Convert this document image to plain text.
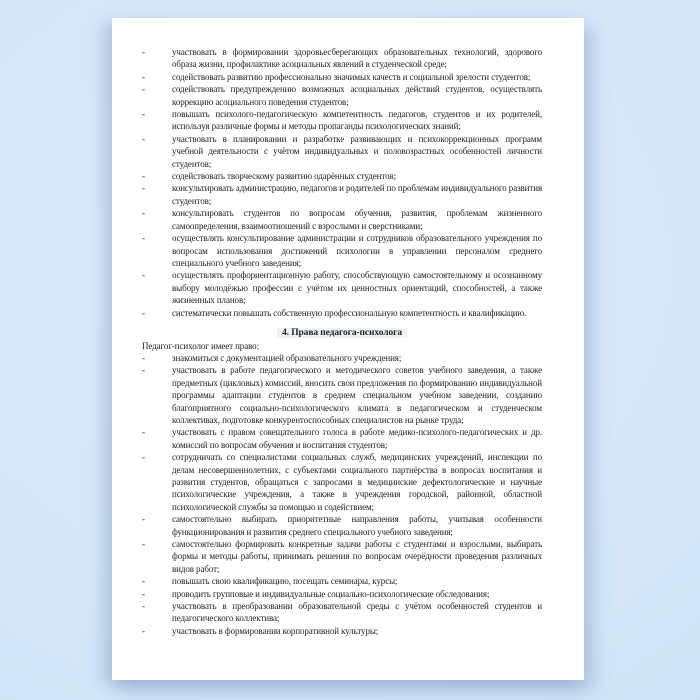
-	участвовать в формировании здоровьесберегающих образовательных технологий, здорового образа жизни, профилактике асоциальных явлений в студенческой среде;
-	содействовать развитию профессионально значимых качеств и социальной зрелости студентов;
-	содействовать предупреждению возможных асоциальных действий студентов, осуществлять коррекцию асоциального поведения студентов;
-	повышать психолого-педагогическую компетентность педагогов, студентов и их родителей, используя различные формы и методы пропаганды психологических знаний;
-	участвовать в планировании и разработке развивающих и психокоррекционных программ учебной деятельности с учётом индивидуальных и половозрастных особенностей личности студентов;
-	содействовать творческому развитию одарённых студентов;
-	консультировать администрацию, педагогов и родителей по проблемам индивидуального развития студентов;
-	консультировать студентов по вопросам обучения, развития, проблемам жизненного самоопределения, взаимоотношений с взрослыми и сверстниками;
-	осуществлять консультирование администрации и сотрудников образовательного учреждения по вопросам использования достижений психологии в управлении персоналом среднего специального учебного заведения;
-	осуществлять профориентационную работу, способствующую самостоятельному и осознанному выбору молодёжью профессии с учётом их ценностных ориентаций, способностей, а также жизненных планов;
-	систематически повышать собственную профессиональную компетентность и квалификацию.
4. Права педагога-психолога

Педагог-психолог имеет право:

-	знакомиться с документацией образовательного учреждения;
-	участвовать в работе педагогического и методического советов учебного заведения, а также предметных (цикловых) комиссий, вносить свои предложения по формированию индивидуальной программы адаптации студентов в среднем специальном учебном заведении, созданию благоприятного социально-психологического климата в педагогическом и студенческом коллективах, подготовке конкурентоспособных специалистов на рынке труда;
-	участвовать с правом совещательного голоса в работе медико-психолого-педагогических и др. комиссий по вопросам обучения и воспитания студентов;
-	сотрудничать со специалистами социальных служб, медицинских учреждений, инспекции по делам несовершеннолетних, с субъектами социального партнёрства в вопросах воспитания и развития студентов, обращаться с запросами в медицинские дефектологические и научные психологические учреждения, а также в учреждения городской, районной, областной психологической службы за помощью и содействием;
-	самостоятельно выбирать приоритетные направления работы, учитывая особенности функционирования и развития среднего специального учебного заведения;
-	самостоятельно формировать конкретные задачи работы с студентами и взрослыми, выбирать формы и методы работы, принимать решения по вопросам очерёдности проведения различных видов работ;
-	повышать свою квалификацию, посещать семинары, курсы;
-	проводить групповые и индивидуальные социально-психологические обследования;
-	участвовать в преобразовании образовательной среды с учётом особенностей студентов и педагогического коллектива;
-	участвовать в формировании корпоративной культуры;
